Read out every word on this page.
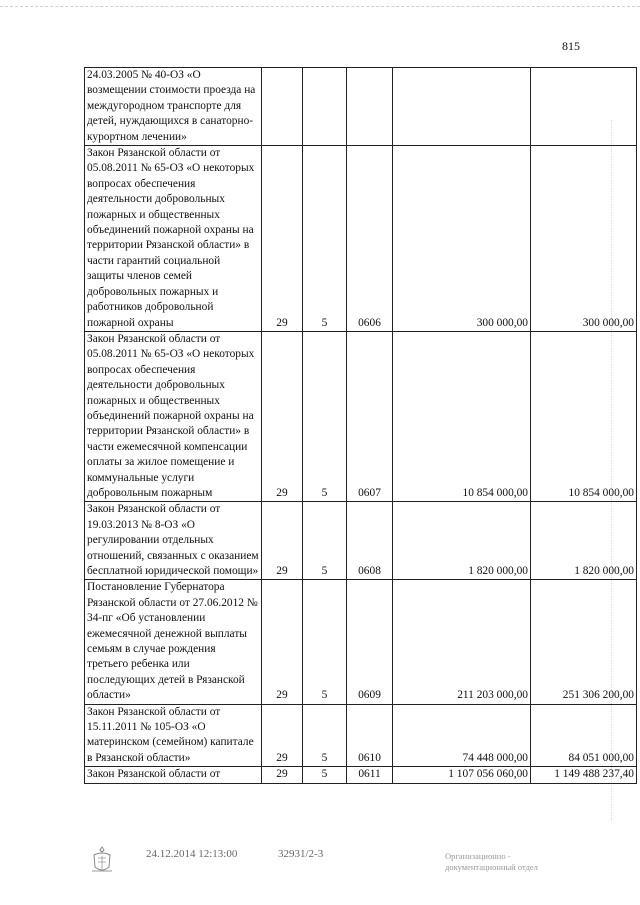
815
24.03.2005 № 40-ОЗ «О возмещении стоимости проезда на междугородном транспорте для детей, нуждающихся в санаторно-курортном лечении»					
Закон Рязанской области от 05.08.2011 № 65-ОЗ «О некоторых вопросах обеспечения деятельности добровольных пожарных и общественных объединений пожарной охраны на территории Рязанской области» в части гарантий социальной защиты членов семей добровольных пожарных и работников добровольной пожарной охраны	29	5	0606	300 000,00	300 000,00
Закон Рязанской области от 05.08.2011 № 65-ОЗ «О некоторых вопросах обеспечения деятельности добровольных пожарных и общественных объединений пожарной охраны на территории Рязанской области» в части ежемесячной компенсации оплаты за жилое помещение и коммунальные услуги добровольным пожарным	29	5	0607	10 854 000,00	10 854 000,00
Закон Рязанской области от 19.03.2013 № 8-ОЗ «О регулировании отдельных отношений, связанных с оказанием бесплатной юридической помощи»	29	5	0608	1 820 000,00	1 820 000,00
Постановление Губернатора Рязанской области от 27.06.2012 № 34-пг «Об установлении ежемесячной денежной выплаты семьям в случае рождения третьего ребенка или последующих детей в Рязанской области»	29	5	0609	211 203 000,00	251 306 200,00
Закон Рязанской области от 15.11.2011 № 105-ОЗ «О материнском (семейном) капитале в Рязанской области»	29	5	0610	74 448 000,00	84 051 000,00
Закон Рязанской области от	29	5	0611	1 107 056 060,00	1 149 488 237,40
24.12.2014 12:13:00	32931/2-3	Организационно -
документационный отдел
